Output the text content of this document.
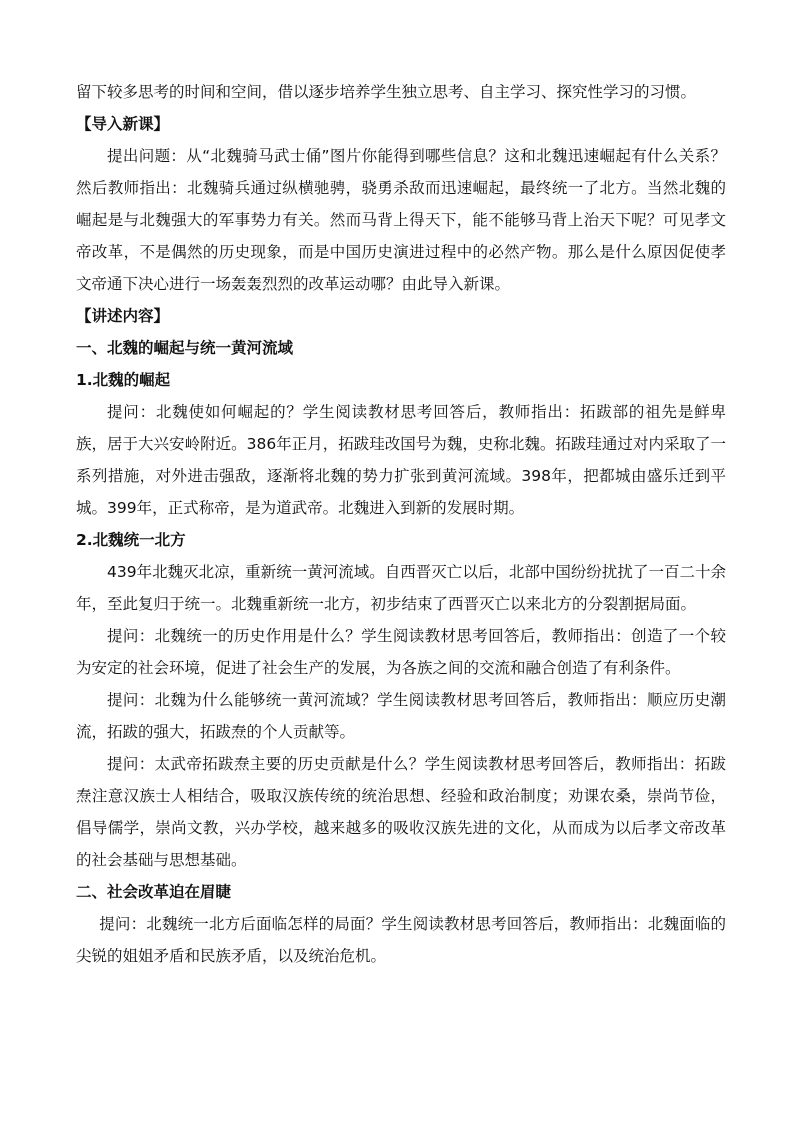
留下较多思考的时间和空间，借以逐步培养学生独立思考、自主学习、探究性学习的习惯。

【导入新课】

提出问题：从“北魏骑马武士俑”图片你能得到哪些信息？这和北魏迅速崛起有什么关系？然后教师指出：北魏骑兵通过纵横驰骋，骁勇杀敌而迅速崛起，最终统一了北方。当然北魏的崛起是与北魏强大的军事势力有关。然而马背上得天下，能不能够马背上治天下呢？可见孝文帝改革，不是偶然的历史现象，而是中国历史演进过程中的必然产物。那么是什么原因促使孝文帝通下决心进行一场轰轰烈烈的改革运动哪？由此导入新课。

【讲述内容】

一、北魏的崛起与统一黄河流域

1.北魏的崛起

提问：北魏使如何崛起的？学生阅读教材思考回答后，教师指出：拓跋部的祖先是鲜卑族，居于大兴安岭附近。386年正月，拓跋珪改国号为魏，史称北魏。拓跋珪通过对内采取了一系列措施，对外进击强敌，逐渐将北魏的势力扩张到黄河流域。398年，把都城由盛乐迁到平城。399年，正式称帝，是为道武帝。北魏进入到新的发展时期。

2.北魏统一北方

439年北魏灭北凉，重新统一黄河流域。自西晋灭亡以后，北部中国纷纷扰扰了一百二十余年，至此复归于统一。北魏重新统一北方，初步结束了西晋灭亡以来北方的分裂割据局面。

提问：北魏统一的历史作用是什么？学生阅读教材思考回答后，教师指出：创造了一个较为安定的社会环境，促进了社会生产的发展，为各族之间的交流和融合创造了有利条件。

提问：北魏为什么能够统一黄河流域？学生阅读教材思考回答后，教师指出：顺应历史潮流，拓跋的强大，拓跋焘的个人贡献等。

提问：太武帝拓跋焘主要的历史贡献是什么？学生阅读教材思考回答后，教师指出：拓跋焘注意汉族士人相结合，吸取汉族传统的统治思想、经验和政治制度；劝课农桑，崇尚节俭，倡导儒学，崇尚文教，兴办学校，越来越多的吸收汉族先进的文化，从而成为以后孝文帝改革的社会基础与思想基础。

二、社会改革迫在眉睫

提问：北魏统一北方后面临怎样的局面？学生阅读教材思考回答后，教师指出：北魏面临的尖锐的姐姐矛盾和民族矛盾，以及统治危机。
